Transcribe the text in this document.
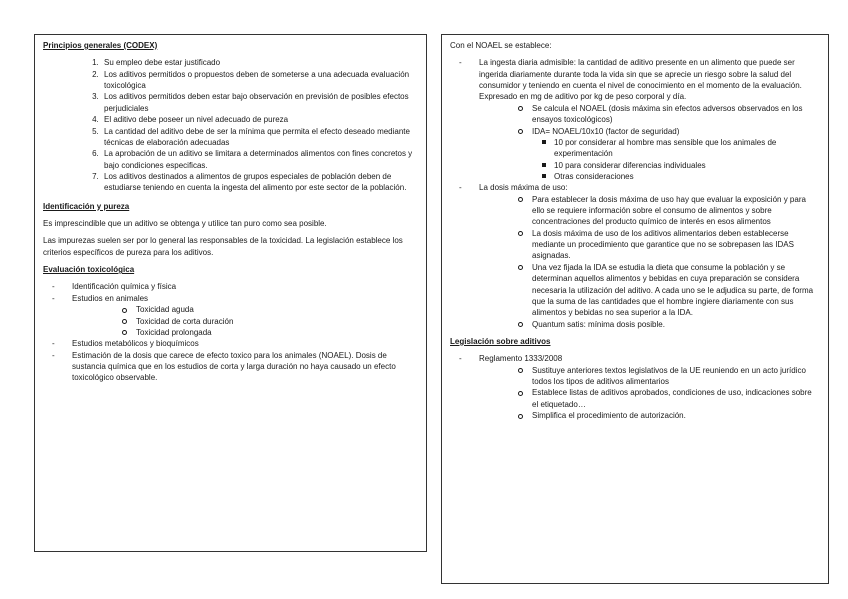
Principios generales (CODEX)
1. Su empleo debe estar justificado
2. Los aditivos permitidos o propuestos deben de someterse a una adecuada evaluación toxicológica
3. Los aditivos permitidos deben estar bajo observación en previsión de posibles efectos perjudiciales
4. El aditivo debe poseer un nivel adecuado de pureza
5. La cantidad del aditivo debe de ser la mínima que permita el efecto deseado mediante técnicas de elaboración adecuadas
6. La aprobación de un aditivo se limitara a determinados alimentos con fines concretos y bajo condiciones especificas.
7. Los aditivos destinados a alimentos de grupos especiales de población deben de estudiarse teniendo en cuenta la ingesta del alimento por este sector de la población.
Identificación y pureza

Es imprescindible que un aditivo se obtenga y utilice tan puro como sea posible.

Las impurezas suelen ser por lo general las responsables de la toxicidad. La legislación establece los criterios específicos de pureza para los aditivos.

Evaluación toxicológica
- Identificación química y física
- Estudios en animales
Toxicidad aguda
Toxicidad de corta duración
Toxicidad prolongada
- Estudios metabólicos y bioquímicos
- Estimación de la dosis que carece de efecto toxico para los animales (NOAEL). Dosis de sustancia química que en los estudios de corta y larga duración no haya causado un efecto toxicológico observable.

Con el NOAEL se establece:

- La ingesta diaria admisible: la cantidad de aditivo presente en un alimento que puede ser ingerida diariamente durante toda la vida sin que se aprecie un riesgo sobre la salud del consumidor y teniendo en cuenta el nivel de conocimiento en el momento de la evaluación. Expresado en mg de aditivo por kg de peso corporal y día.
Se calcula el NOAEL (dosis máxima sin efectos adversos observados en los ensayos toxicológicos)
IDA= NOAEL/10x10 (factor de seguridad)
10 por considerar al hombre mas sensible que los animales de experimentación
10 para considerar diferencias individuales
Otras consideraciones
- La dosis máxima de uso:
Para establecer la dosis máxima de uso hay que evaluar la exposición y para ello se requiere información sobre el consumo de alimentos y sobre concentraciones del producto químico de interés en esos alimentos
La dosis máxima de uso de los aditivos alimentarios deben establecerse mediante un procedimiento que garantice que no se sobrepasen las IDAS asignadas.
Una vez fijada la IDA se estudia la dieta que consume la población y se determinan aquellos alimentos y bebidas en cuya preparación se considera necesaria la utilización del aditivo. A cada uno se le adjudica su parte, de forma que la suma de las cantidades que el hombre ingiere diariamente con sus alimentos y bebidas no sea superior a la IDA.
Quantum satis: mínima dosis posible.
Legislación sobre aditivos
- Reglamento 1333/2008
Sustituye anteriores textos legislativos de la UE reuniendo en un acto jurídico todos los tipos de aditivos alimentarios
Establece listas de aditivos aprobados, condiciones de uso, indicaciones sobre el etiquetado…
Simplifica el procedimiento de autorización.
